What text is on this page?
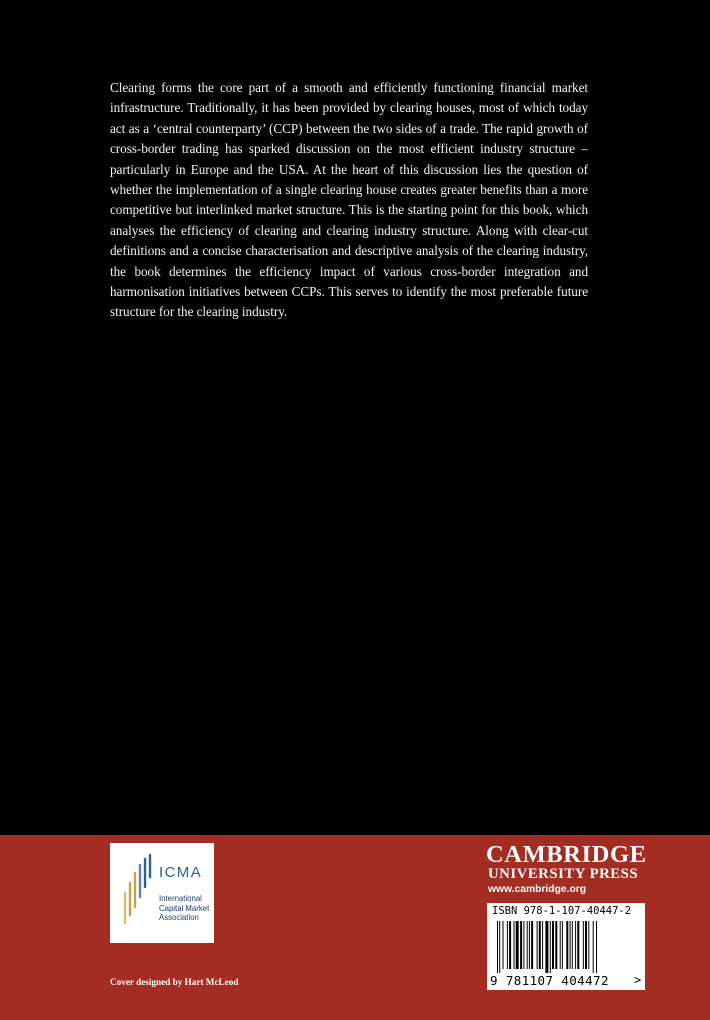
Clearing forms the core part of a smooth and efficiently functioning financial market infrastructure. Traditionally, it has been provided by clearing houses, most of which today act as a ‘central counterparty’ (CCP) between the two sides of a trade. The rapid growth of cross-border trading has sparked discussion on the most efficient industry structure – particularly in Europe and the USA. At the heart of this discussion lies the question of whether the implementation of a single clearing house creates greater benefits than a more competitive but interlinked market structure. This is the starting point for this book, which analyses the efficiency of clearing and clearing industry structure. Along with clear-cut definitions and a concise characterisation and descriptive analysis of the clearing industry, the book determines the efficiency impact of various cross-border integration and harmonisation initiatives between CCPs. This serves to identify the most preferable future structure for the clearing industry.
ICMA
International Capital Market Association
Cover designed by Hart McLeod
CAMBRIDGE
UNIVERSITY PRESS
www.cambridge.org
ISBN 978-1-107-40447-2
9 781107 404472 >
